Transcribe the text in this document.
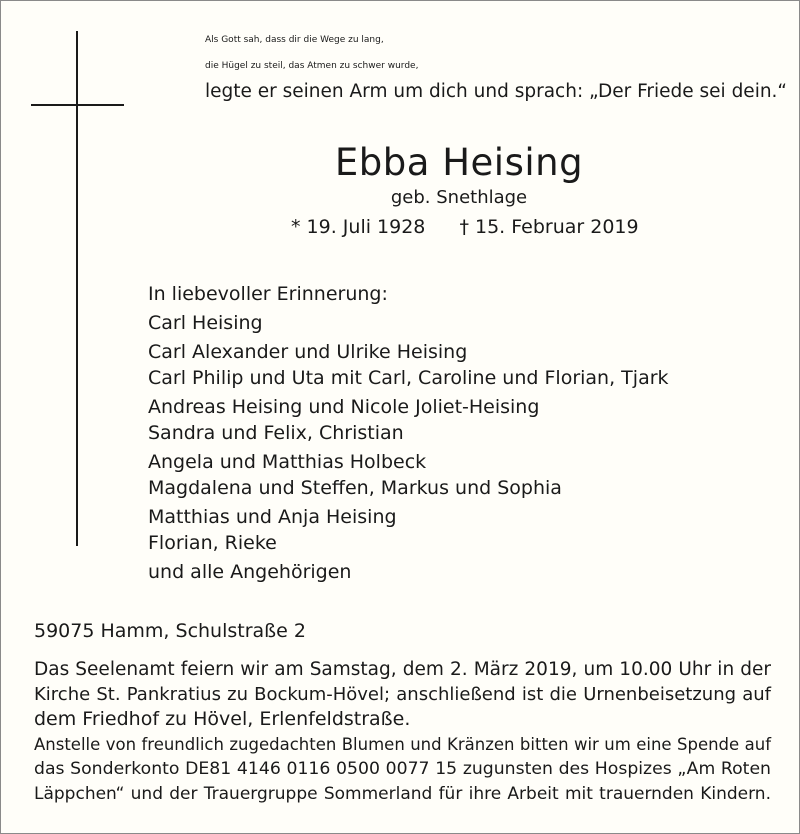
Als Gott sah, dass dir die Wege zu lang,
die Hügel zu steil, das Atmen zu schwer wurde,
legte er seinen Arm um dich und sprach: „Der Friede sei dein.“
Ebba Heising
geb. Snethlage
* 19. Juli 1928 † 15. Februar 2019
In liebevoller Erinnerung:
Carl Heising
Carl Alexander und Ulrike Heising
Carl Philip und Uta mit Carl, Caroline und Florian, Tjark
Andreas Heising und Nicole Joliet-Heising
Sandra und Felix, Christian
Angela und Matthias Holbeck
Magdalena und Steffen, Markus und Sophia
Matthias und Anja Heising
Florian, Rieke
und alle Angehörigen
59075 Hamm, Schulstraße 2
Das Seelenamt feiern wir am Samstag, dem 2. März 2019, um 10.00 Uhr in der
Kirche St. Pankratius zu Bockum-Hövel; anschließend ist die Urnenbeisetzung auf
dem Friedhof zu Hövel, Erlenfeldstraße.
Anstelle von freundlich zugedachten Blumen und Kränzen bitten wir um eine Spende auf
das Sonderkonto DE81 4146 0116 0500 0077 15 zugunsten des Hospizes „Am Roten
Läppchen“ und der Trauergruppe Sommerland für ihre Arbeit mit trauernden Kindern.
